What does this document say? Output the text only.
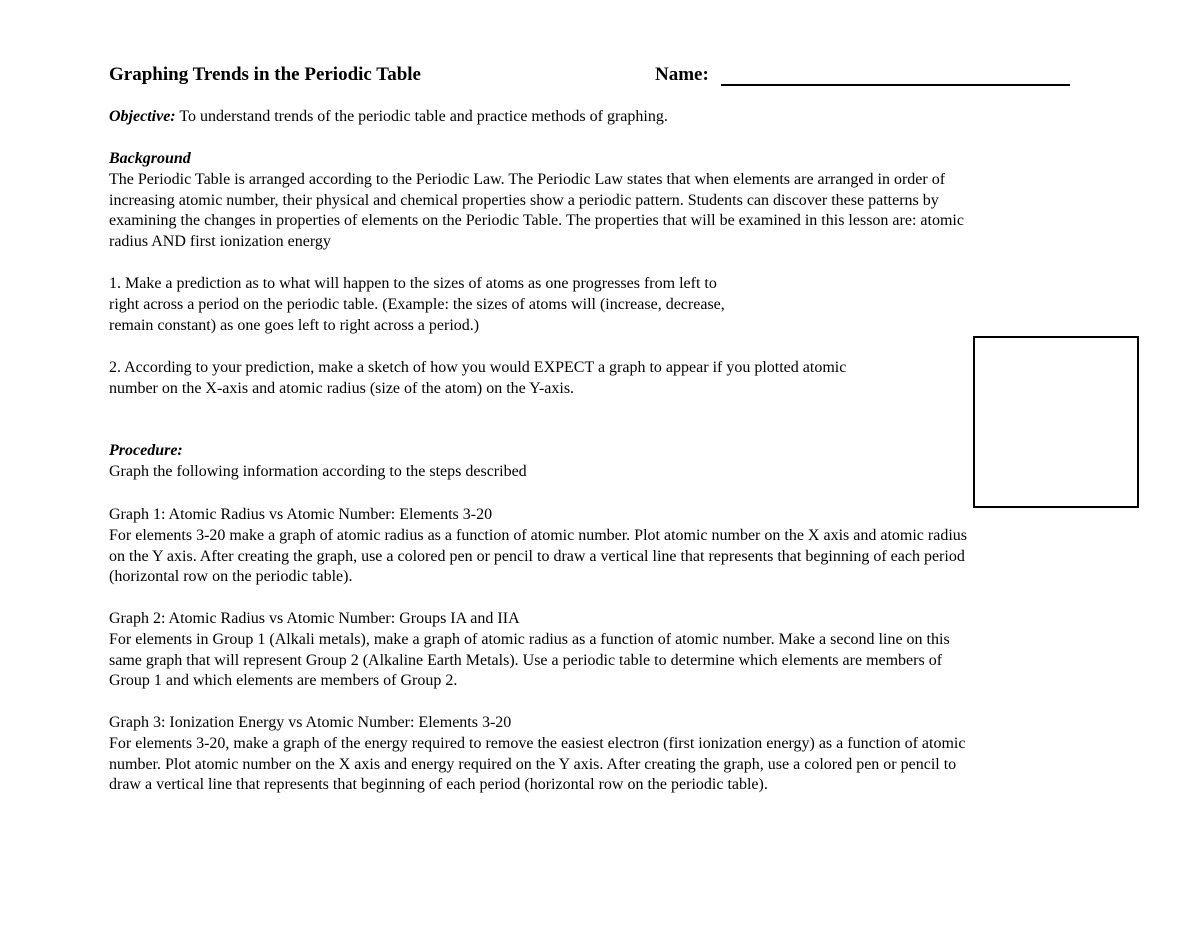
Graphing Trends in the Periodic Table	Name:
Objective: To understand trends of the periodic table and practice methods of graphing.
Background
The Periodic Table is arranged according to the Periodic Law. The Periodic Law states that when elements are arranged in order of
increasing atomic number, their physical and chemical properties show a periodic pattern. Students can discover these patterns by
examining the changes in properties of elements on the Periodic Table. The properties that will be examined in this lesson are: atomic
radius AND first ionization energy
1. Make a prediction as to what will happen to the sizes of atoms as one progresses from left to
right across a period on the periodic table. (Example: the sizes of atoms will (increase, decrease,
remain constant) as one goes left to right across a period.)
2. According to your prediction, make a sketch of how you would EXPECT a graph to appear if you plotted atomic
number on the X-axis and atomic radius (size of the atom) on the Y-axis.
Procedure:
Graph the following information according to the steps described
Graph 1: Atomic Radius vs Atomic Number: Elements 3-20
For elements 3-20 make a graph of atomic radius as a function of atomic number. Plot atomic number on the X axis and atomic radius
on the Y axis. After creating the graph, use a colored pen or pencil to draw a vertical line that represents that beginning of each period
(horizontal row on the periodic table).
Graph 2: Atomic Radius vs Atomic Number: Groups IA and IIA
For elements in Group 1 (Alkali metals), make a graph of atomic radius as a function of atomic number. Make a second line on this
same graph that will represent Group 2 (Alkaline Earth Metals). Use a periodic table to determine which elements are members of
Group 1 and which elements are members of Group 2.
Graph 3: Ionization Energy vs Atomic Number: Elements 3-20
For elements 3-20, make a graph of the energy required to remove the easiest electron (first ionization energy) as a function of atomic
number. Plot atomic number on the X axis and energy required on the Y axis. After creating the graph, use a colored pen or pencil to
draw a vertical line that represents that beginning of each period (horizontal row on the periodic table).
